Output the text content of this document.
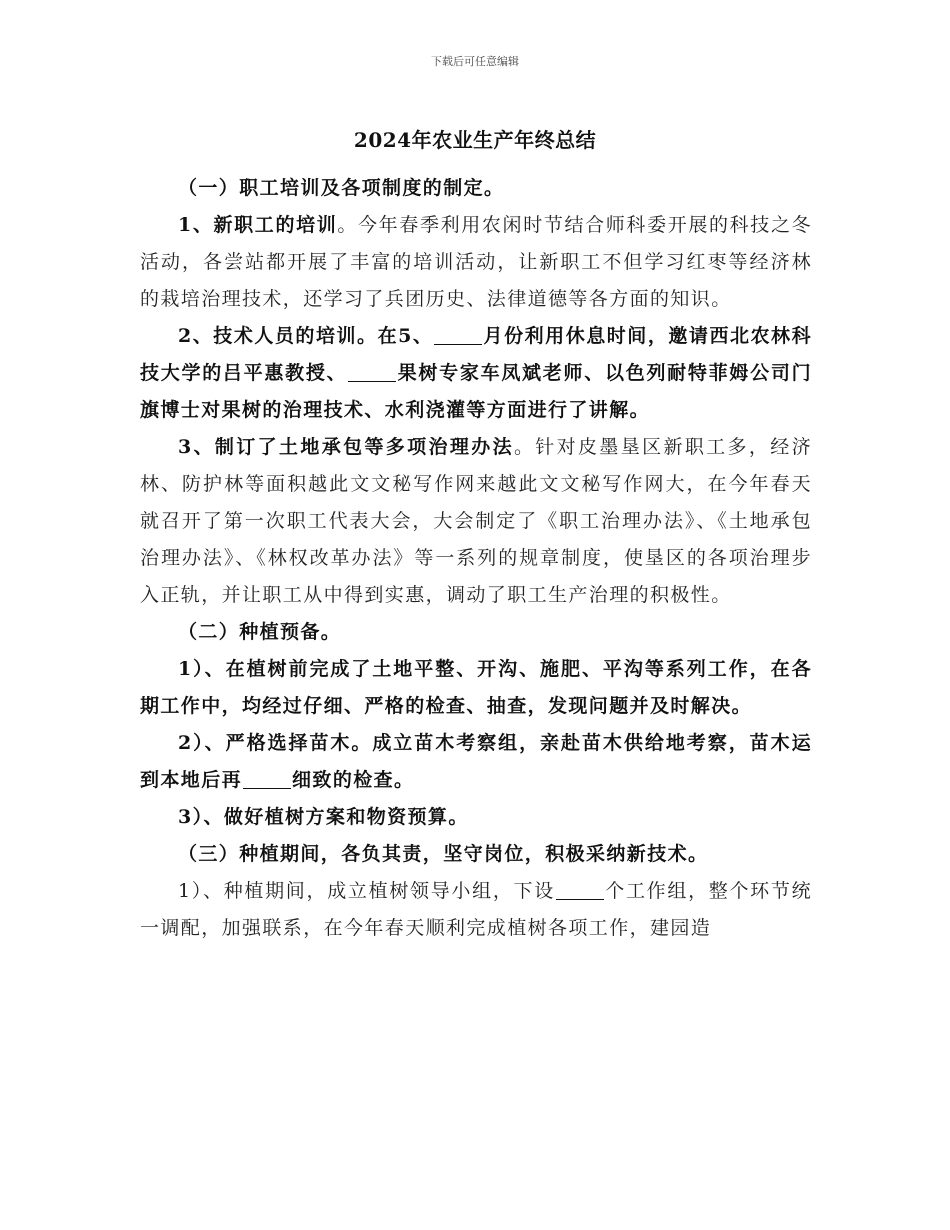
下载后可任意编辑
2024年农业生产年终总结

（一）职工培训及各项制度的制定。

1、新职工的培训。今年春季利用农闲时节结合师科委开展的科技之冬活动，各尝站都开展了丰富的培训活动，让新职工不但学习红枣等经济林的栽培治理技术，还学习了兵团历史、法律道德等各方面的知识。

2、技术人员的培训。在5、	月份利用休息时间，邀请西北农林科技大学的吕平惠教授、	果树专家车凤斌老师、以色列耐特菲姆公司门旗博士对果树的治理技术、水利浇灌等方面进行了讲解。

3、制订了土地承包等多项治理办法。针对皮墨垦区新职工多，经济林、防护林等面积越此文文秘写作网来越此文文秘写作网大，在今年春天就召开了第一次职工代表大会，大会制定了《职工治理办法》、《土地承包治理办法》、《林权改革办法》等一系列的规章制度，使垦区的各项治理步入正轨，并让职工从中得到实惠，调动了职工生产治理的积极性。

（二）种植预备。

1）、在植树前完成了土地平整、开沟、施肥、平沟等系列工作，在各期工作中，均经过仔细、严格的检查、抽查，发现问题并及时解决。

2）、严格选择苗木。成立苗木考察组，亲赴苗木供给地考察，苗木运到本地后再	细致的检查。

3）、做好植树方案和物资预算。

（三）种植期间，各负其责，坚守岗位，积极采纳新技术。

1）、种植期间，成立植树领导小组，下设	个工作组，整个环节统一调配，加强联系，在今年春天顺利完成植树各项工作，建园造
